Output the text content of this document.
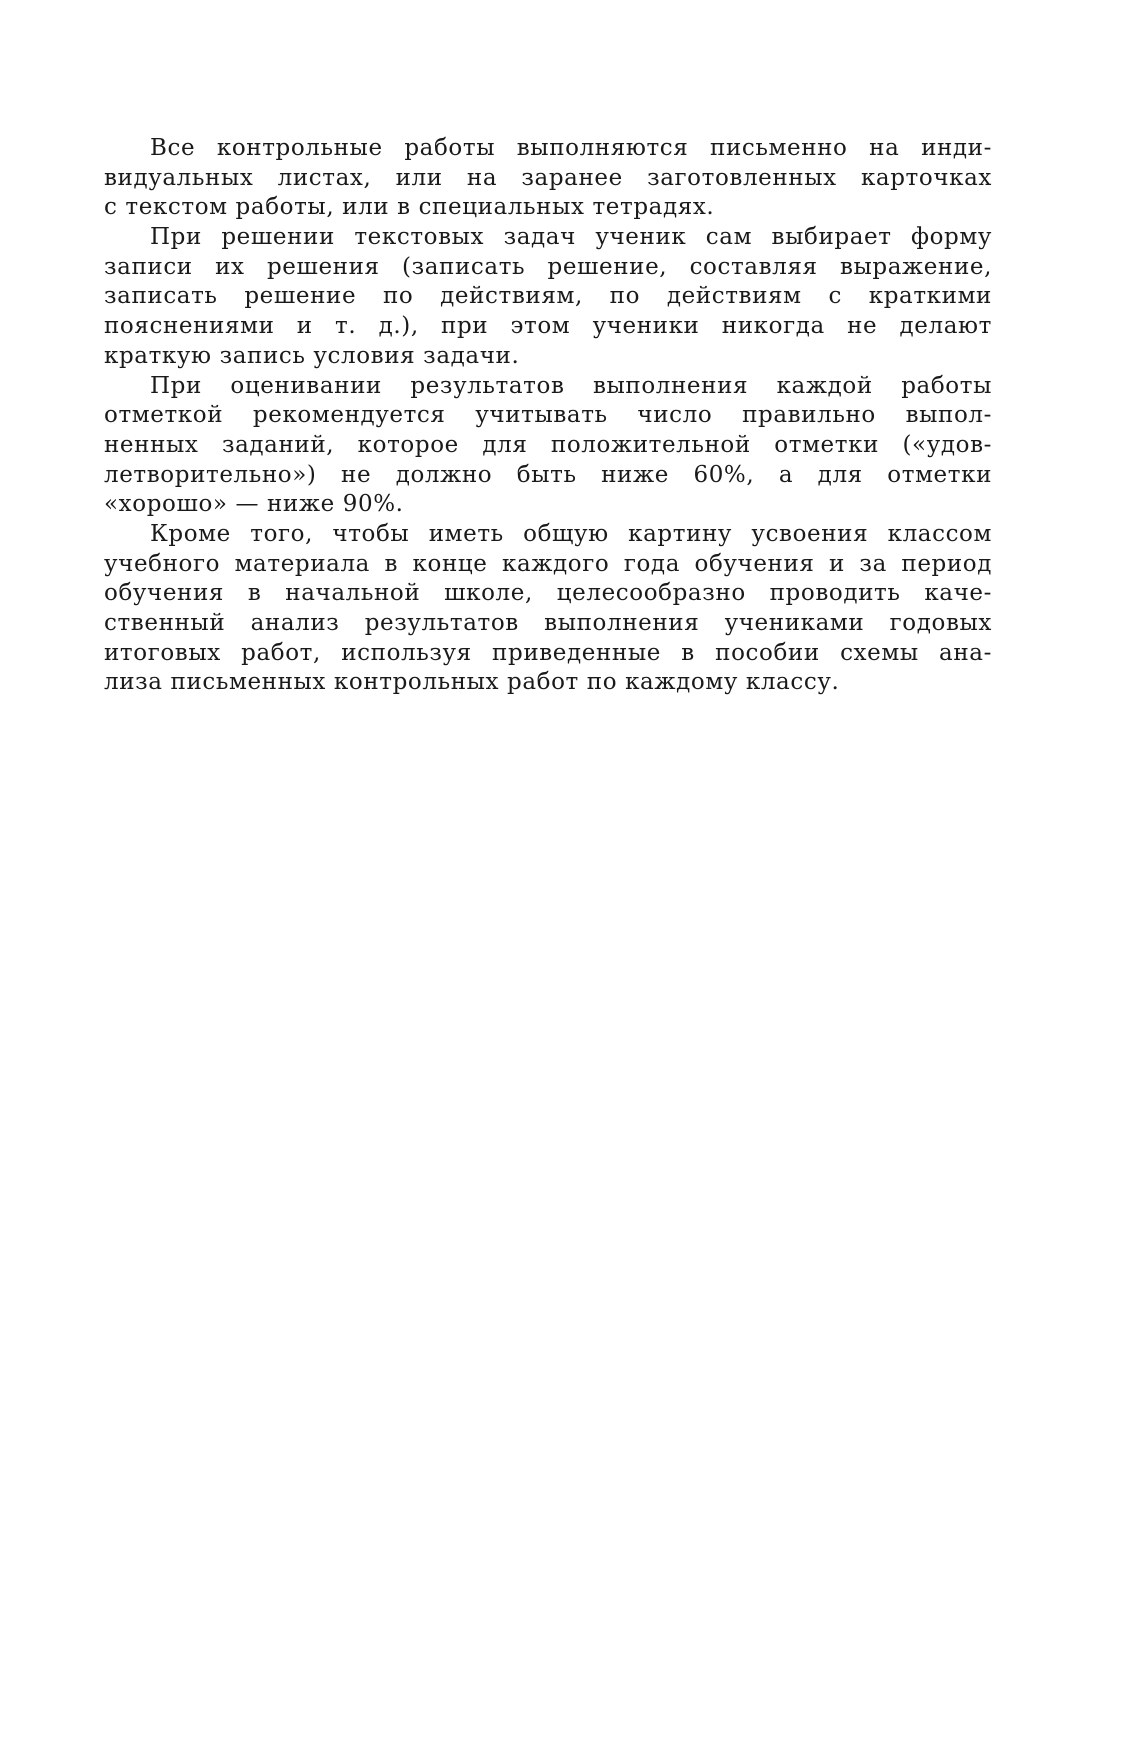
Все контрольные работы выполняются письменно на инди-
видуальных листах, или на заранее заготовленных карточках
с текстом работы, или в специальных тетрадях.
При решении текстовых задач ученик сам выбирает форму
записи их решения (записать решение, составляя выражение,
записать решение по действиям, по действиям с краткими
пояснениями и т. д.), при этом ученики никогда не делают
краткую запись условия задачи.
При оценивании результатов выполнения каждой работы
отметкой рекомендуется учитывать число правильно выпол-
ненных заданий, которое для положительной отметки («удов-
летворительно») не должно быть ниже 60%, а для отметки
«хорошо» — ниже 90%.
Кроме того, чтобы иметь общую картину усвоения классом
учебного материала в конце каждого года обучения и за период
обучения в начальной школе, целесообразно проводить каче-
ственный анализ результатов выполнения учениками годовых
итоговых работ, используя приведенные в пособии схемы ана-
лиза письменных контрольных работ по каждому классу.
